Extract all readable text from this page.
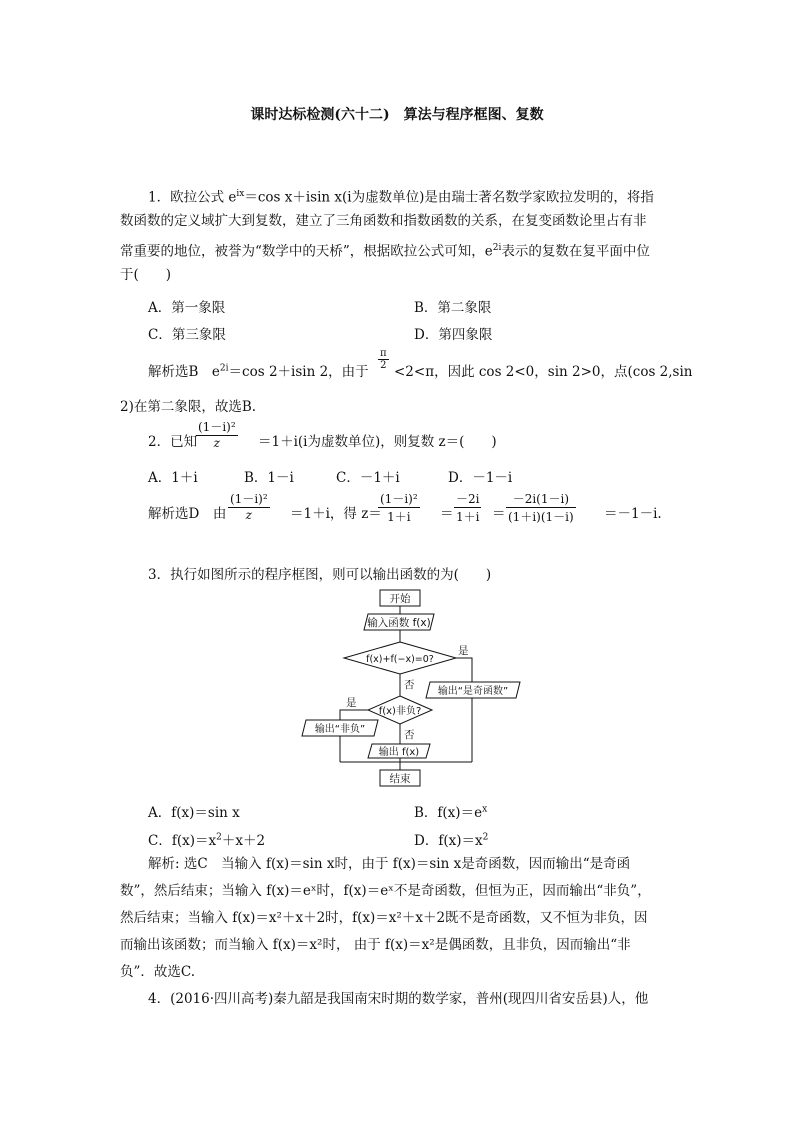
课时达标检测(六十二)　算法与程序框图、复数
1．欧拉公式 $e^{ix}=\cos$ x＋isin x(i为虚数单位)是由瑞士著名数学家欧拉发明的，将指
数函数的定义域扩大到复数，建立了三角函数和指数函数的关系，在复变函数论里占有非
常重要的地位，被誉为“数学中的天桥”，根据欧拉公式可知，$e^{2i}$表示的复数在复平面中位
于(　　)
A．第一象限	B．第二象限
C．第三象限	D．第四象限
解析选B　$e^{2i}=\cos$ 2＋isin 2，由于
$\frac{\pi}{2}$
<2<π，因此 cos 2<0，sin 2>0，点(cos 2,sin
2)在第二象限，故选B.
2．已知
$\frac{\text{(1－i)²}}{z} =1+i(i$为虚数单位)，则复数 z＝(　　)
A．1＋i	B．1－i	C．－1＋i	D．－1－i
解析选D　由 $\frac{\text{(1－i)²}}{z} =1+i$，得 z＝
$\frac{\text{(1－i)²}}{1+i} = \frac{-2i}{1+i} = \frac{-2i(1-i)}{(1+i)(1-i)} =-1-i$.
3．执行如图所示的程序框图，则可以输出函数的为(　　)
开始
输入函数 f(x)
f(x)+f(−x)=0?
是
否
输出“是奇函数”
f(x)非负?
是
否
输出“非负”
输出 f(x)
结束
A．f(x)＝sin x	B．$f(x)=e^x$
C．$f(x)=x^2+x+2$	D．$f(x)=x^2$
解析: 选C　当输入 f(x)＝sin x时，由于 f(x)＝sin x是奇函数，因而输出“是奇函
数”，然后结束；当输入 f(x)＝eˣ时，f(x)＝eˣ不是奇函数，但恒为正，因而输出“非负”，
然后结束；当输入 f(x)＝x²＋x＋2时，f(x)＝x²＋x＋2既不是奇函数，又不恒为非负，因
而输出该函数；而当输入 f(x)＝x²时， 由于 f(x)＝x²是偶函数，且非负，因而输出“非
负”．故选C.
4．(2016·四川高考)秦九韶是我国南宋时期的数学家，普州(现四川省安岳县)人，他
